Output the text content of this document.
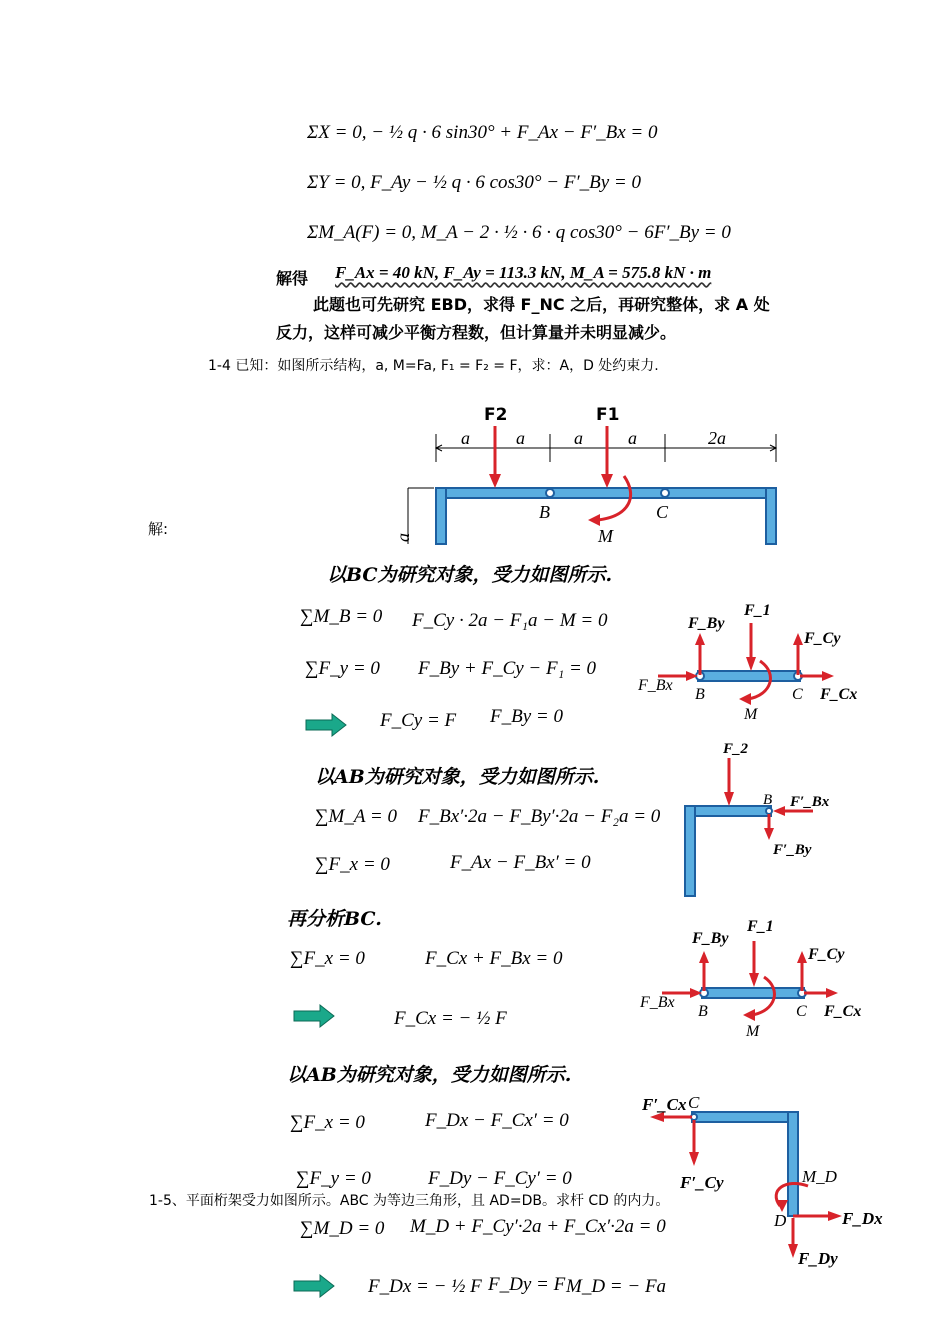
ΣX = 0, − ½ q · 6 sin30° + F_Ax − F′_Bx = 0
ΣY = 0, F_Ay − ½ q · 6 cos30° − F′_By = 0
ΣM_A(F) = 0, M_A − 2 · ½ · 6 · q cos30° − 6F′_By = 0
解得 F_Ax = 40 kN, F_Ay = 113.3 kN, M_A = 575.8 kN · m
此题也可先研究 EBD，求得 F_NC 之后，再研究整体，求 A 处
反力，这样可减少平衡方程数，但计算量并未明显减少。
1-4 已知：如图所示结构，a, M=Fa, F₁ = F₂ = F，求：A，D 处约束力.
解:
a	a	a	a	2a
B	C
M
a
F2	F1
以BC为研究对象，受力如图所示.
∑M_B = 0 F_Cy · 2a − F₁a − M = 0
∑F_y = 0 F_By + F_Cy − F₁ = 0
F_Cy = F F_By = 0
F_By
F_1
F_Cy
F_Bx
B	C F_Cx
M
以AB为研究对象，受力如图所示.
∑M_A = 0 F_Bx′·2a − F_By′·2a − F₂a = 0
∑F_x = 0	F_Ax − F_Bx′ = 0
F_2
B F′_Bx
F′_By
再分析BC.
∑F_x = 0	F_Cx + F_Bx = 0
F_Cx = − ½ F
F_By
F_1
F_Cy
F_Bx
B	C F_Cx
M
以AB为研究对象，受力如图所示.
∑F_x = 0	F_Dx − F_Cx′ = 0
∑F_y = 0	F_Dy − F_Cy′ = 0
1-5、平面桁架受力如图所示。ABC 为等边三角形，且 AD=DB。求杆 CD 的内力。
∑M_D = 0 M_D + F_Cy′·2a + F_Cx′·2a = 0
F_Dx = − ½ F F_Dy = F M_D = − Fa
F′_Cx C
F′_Cy	M_D
D	F_Dx
F_Dy
